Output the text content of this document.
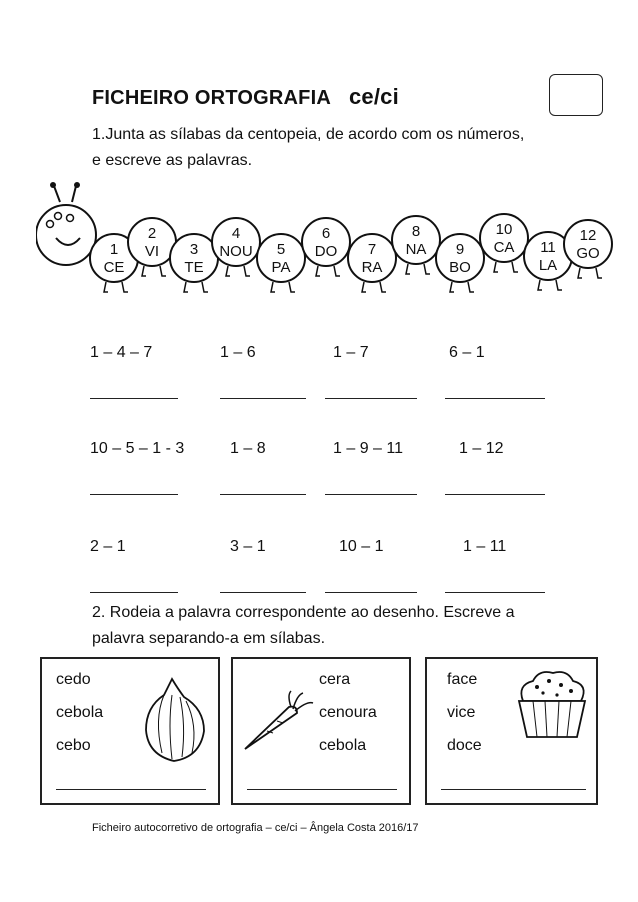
FICHEIRO ORTOGRAFIA ce/ci
1.Junta as sílabas da centopeia, de acordo com os números,
e escreve as palavras.
1
CE
2
VI 3
TE
4
NOU 5
PA
6
DO 7
RA
8
NA 9
BO
10
CA 11
LA
12
GO
1 – 4 – 7	1 – 6	1 – 7	6 – 1
10 – 5 – 1 - 3	1 – 8	1 – 9 – 11	1 – 12
2 – 1	3 – 1	10 – 1	1 – 11
2. Rodeia a palavra correspondente ao desenho. Escreve a
palavra separando-a em sílabas.
cedo
cebola
cebo
cera
cenoura
cebola
face
vice
doce
Ficheiro autocorretivo de ortografia – ce/ci – Ângela Costa 2016/17
